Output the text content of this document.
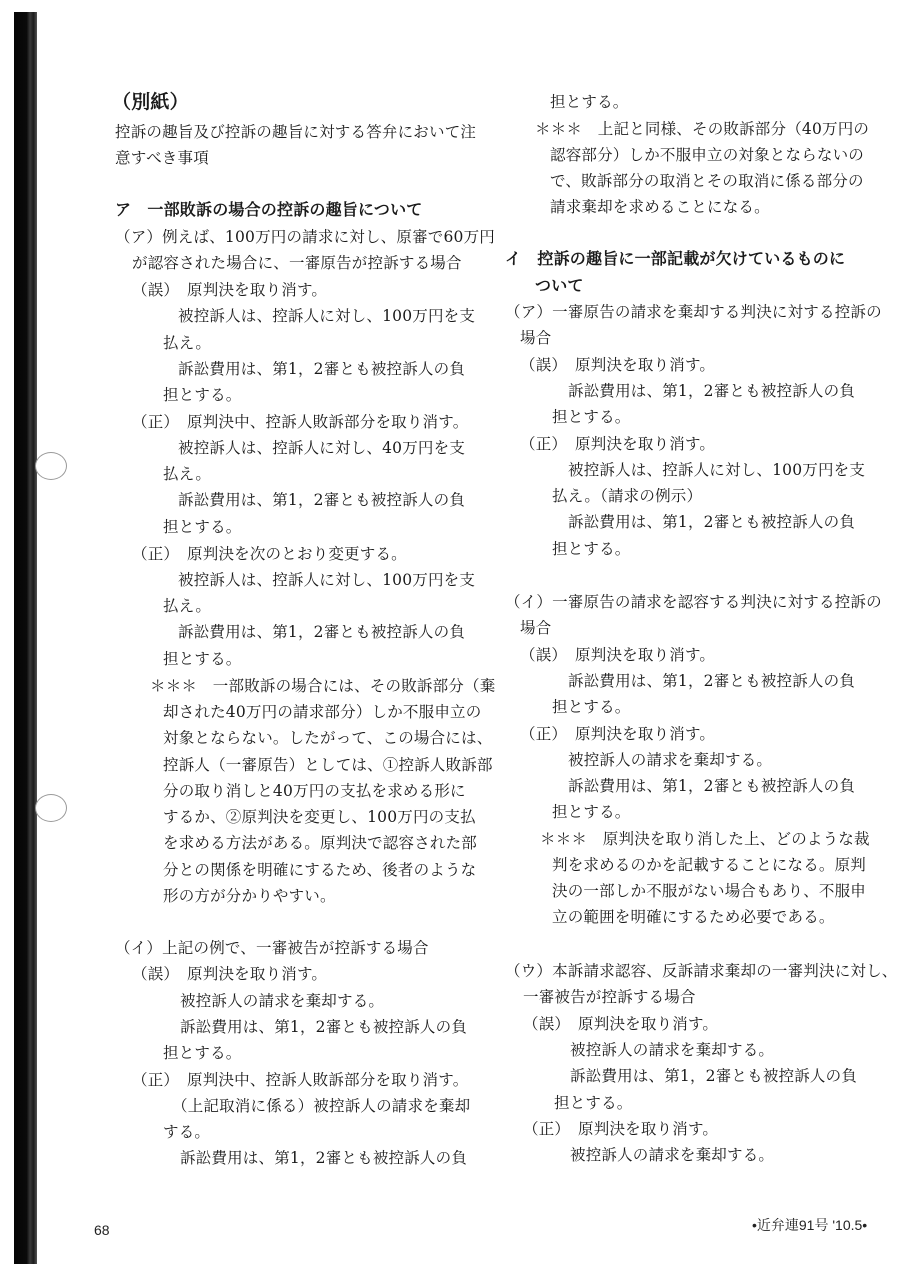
（別紙）
控訴の趣旨及び控訴の趣旨に対する答弁において注
意すべき事項
ア　一部敗訴の場合の控訴の趣旨について
（ア）例えば、100万円の請求に対し、原審で60万円
が認容された場合に、一審原告が控訴する場合
（誤）　原判決を取り消す。
被控訴人は、控訴人に対し、100万円を支
払え。
訴訟費用は、第1，2審とも被控訴人の負
担とする。
（正）　原判決中、控訴人敗訴部分を取り消す。
被控訴人は、控訴人に対し、40万円を支
払え。
訴訟費用は、第1，2審とも被控訴人の負
担とする。
（正）　原判決を次のとおり変更する。
被控訴人は、控訴人に対し、100万円を支
払え。
訴訟費用は、第1，2審とも被控訴人の負
担とする。
＊＊＊　一部敗訴の場合には、その敗訴部分（棄
却された40万円の請求部分）しか不服申立の
対象とならない。したがって、この場合には、
控訴人（一審原告）としては、①控訴人敗訴部
分の取り消しと40万円の支払を求める形に
するか、②原判決を変更し、100万円の支払
を求める方法がある。原判決で認容された部
分との関係を明確にするため、後者のような
形の方が分かりやすい。
（イ）上記の例で、一審被告が控訴する場合
（誤）　原判決を取り消す。
被控訴人の請求を棄却する。
訴訟費用は、第1，2審とも被控訴人の負
担とする。
（正）　原判決中、控訴人敗訴部分を取り消す。
（上記取消に係る）被控訴人の請求を棄却
する。
訴訟費用は、第1，2審とも被控訴人の負
担とする。
＊＊＊　上記と同様、その敗訴部分（40万円の
認容部分）しか不服申立の対象とならないの
で、敗訴部分の取消とその取消に係る部分の
請求棄却を求めることになる。
イ　控訴の趣旨に一部記載が欠けているものに
ついて
（ア）一審原告の請求を棄却する判決に対する控訴の
場合
（誤）　原判決を取り消す。
訴訟費用は、第1，2審とも被控訴人の負
担とする。
（正）　原判決を取り消す。
被控訴人は、控訴人に対し、100万円を支
払え。（請求の例示）
訴訟費用は、第1，2審とも被控訴人の負
担とする。
（イ）一審原告の請求を認容する判決に対する控訴の
場合
（誤）　原判決を取り消す。
訴訟費用は、第1，2審とも被控訴人の負
担とする。
（正）　原判決を取り消す。
被控訴人の請求を棄却する。
訴訟費用は、第1，2審とも被控訴人の負
担とする。
＊＊＊　原判決を取り消した上、どのような裁
判を求めるのかを記載することになる。原判
決の一部しか不服がない場合もあり、不服申
立の範囲を明確にするため必要である。
（ウ）本訴請求認容、反訴請求棄却の一審判決に対し、
一審被告が控訴する場合
（誤）　原判決を取り消す。
被控訴人の請求を棄却する。
訴訟費用は、第1，2審とも被控訴人の負
担とする。
（正）　原判決を取り消す。
被控訴人の請求を棄却する。
68	•近弁連91号 '10.5•
